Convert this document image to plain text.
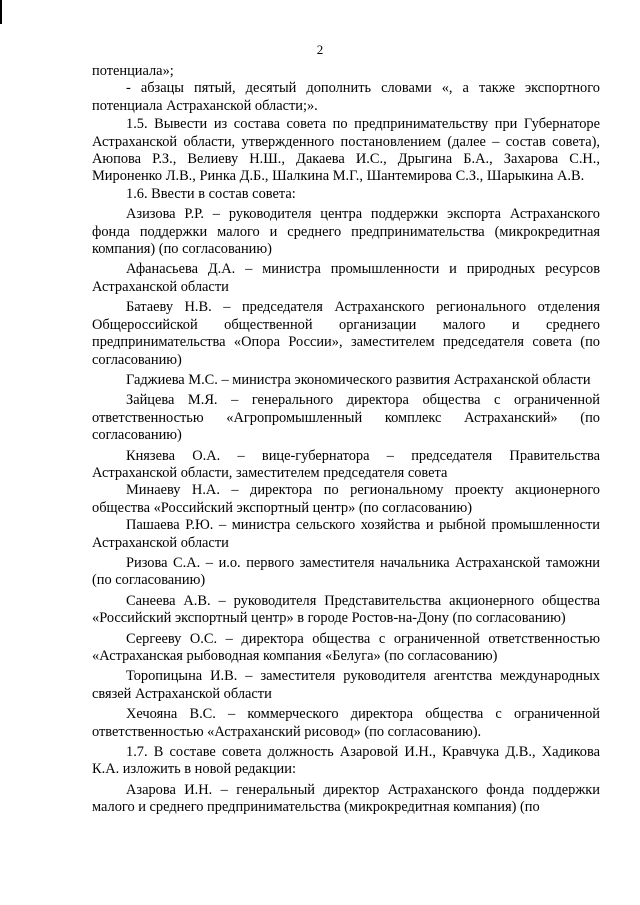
2

потенциала»;

- абзацы пятый, десятый дополнить словами «, а также экспортного потенциала Астраханской области;».

1.5. Вывести из состава совета по предпринимательству при Губернаторе Астраханской области, утвержденного постановлением (далее – состав совета), Аюпова Р.З., Велиеву Н.Ш., Дакаева И.С., Дрыгина Б.А., Захарова С.Н., Мироненко Л.В., Ринка Д.Б., Шалкина М.Г., Шантемирова С.З., Шарыкина А.В.

1.6. Ввести в состав совета:

Азизова Р.Р. – руководителя центра поддержки экспорта Астраханского фонда поддержки малого и среднего предпринимательства (микрокредитная компания) (по согласованию)

Афанасьева Д.А. – министра промышленности и природных ресурсов Астраханской области

Батаеву Н.В. – председателя Астраханского регионального отделения Общероссийской общественной организации малого и среднего предпринимательства «Опора России», заместителем председателя совета (по согласованию)

Гаджиева М.С. – министра экономического развития Астраханской области

Зайцева М.Я. – генерального директора общества с ограниченной ответственностью «Агропромышленный комплекс Астраханский» (по согласованию)

Князева О.А. – вице-губернатора – председателя Правительства Астраханской области, заместителем председателя совета

Минаеву Н.А. – директора по региональному проекту акционерного общества «Российский экспортный центр» (по согласованию)

Пашаева Р.Ю. – министра сельского хозяйства и рыбной промышленности Астраханской области

Ризова С.А. – и.о. первого заместителя начальника Астраханской таможни (по согласованию)

Санеева А.В. – руководителя Представительства акционерного общества «Российский экспортный центр» в городе Ростов-на-Дону (по согласованию)

Сергееву О.С. – директора общества с ограниченной ответственностью «Астраханская рыбоводная компания «Белуга» (по согласованию)

Торопицына И.В. – заместителя руководителя агентства международных связей Астраханской области

Хечояна В.С. – коммерческого директора общества с ограниченной ответственностью «Астраханский рисовод» (по согласованию).

1.7. В составе совета должность Азаровой И.Н., Кравчука Д.В., Хадикова К.А. изложить в новой редакции:

Азарова И.Н. – генеральный директор Астраханского фонда поддержки малого и среднего предпринимательства (микрокредитная компания) (по
